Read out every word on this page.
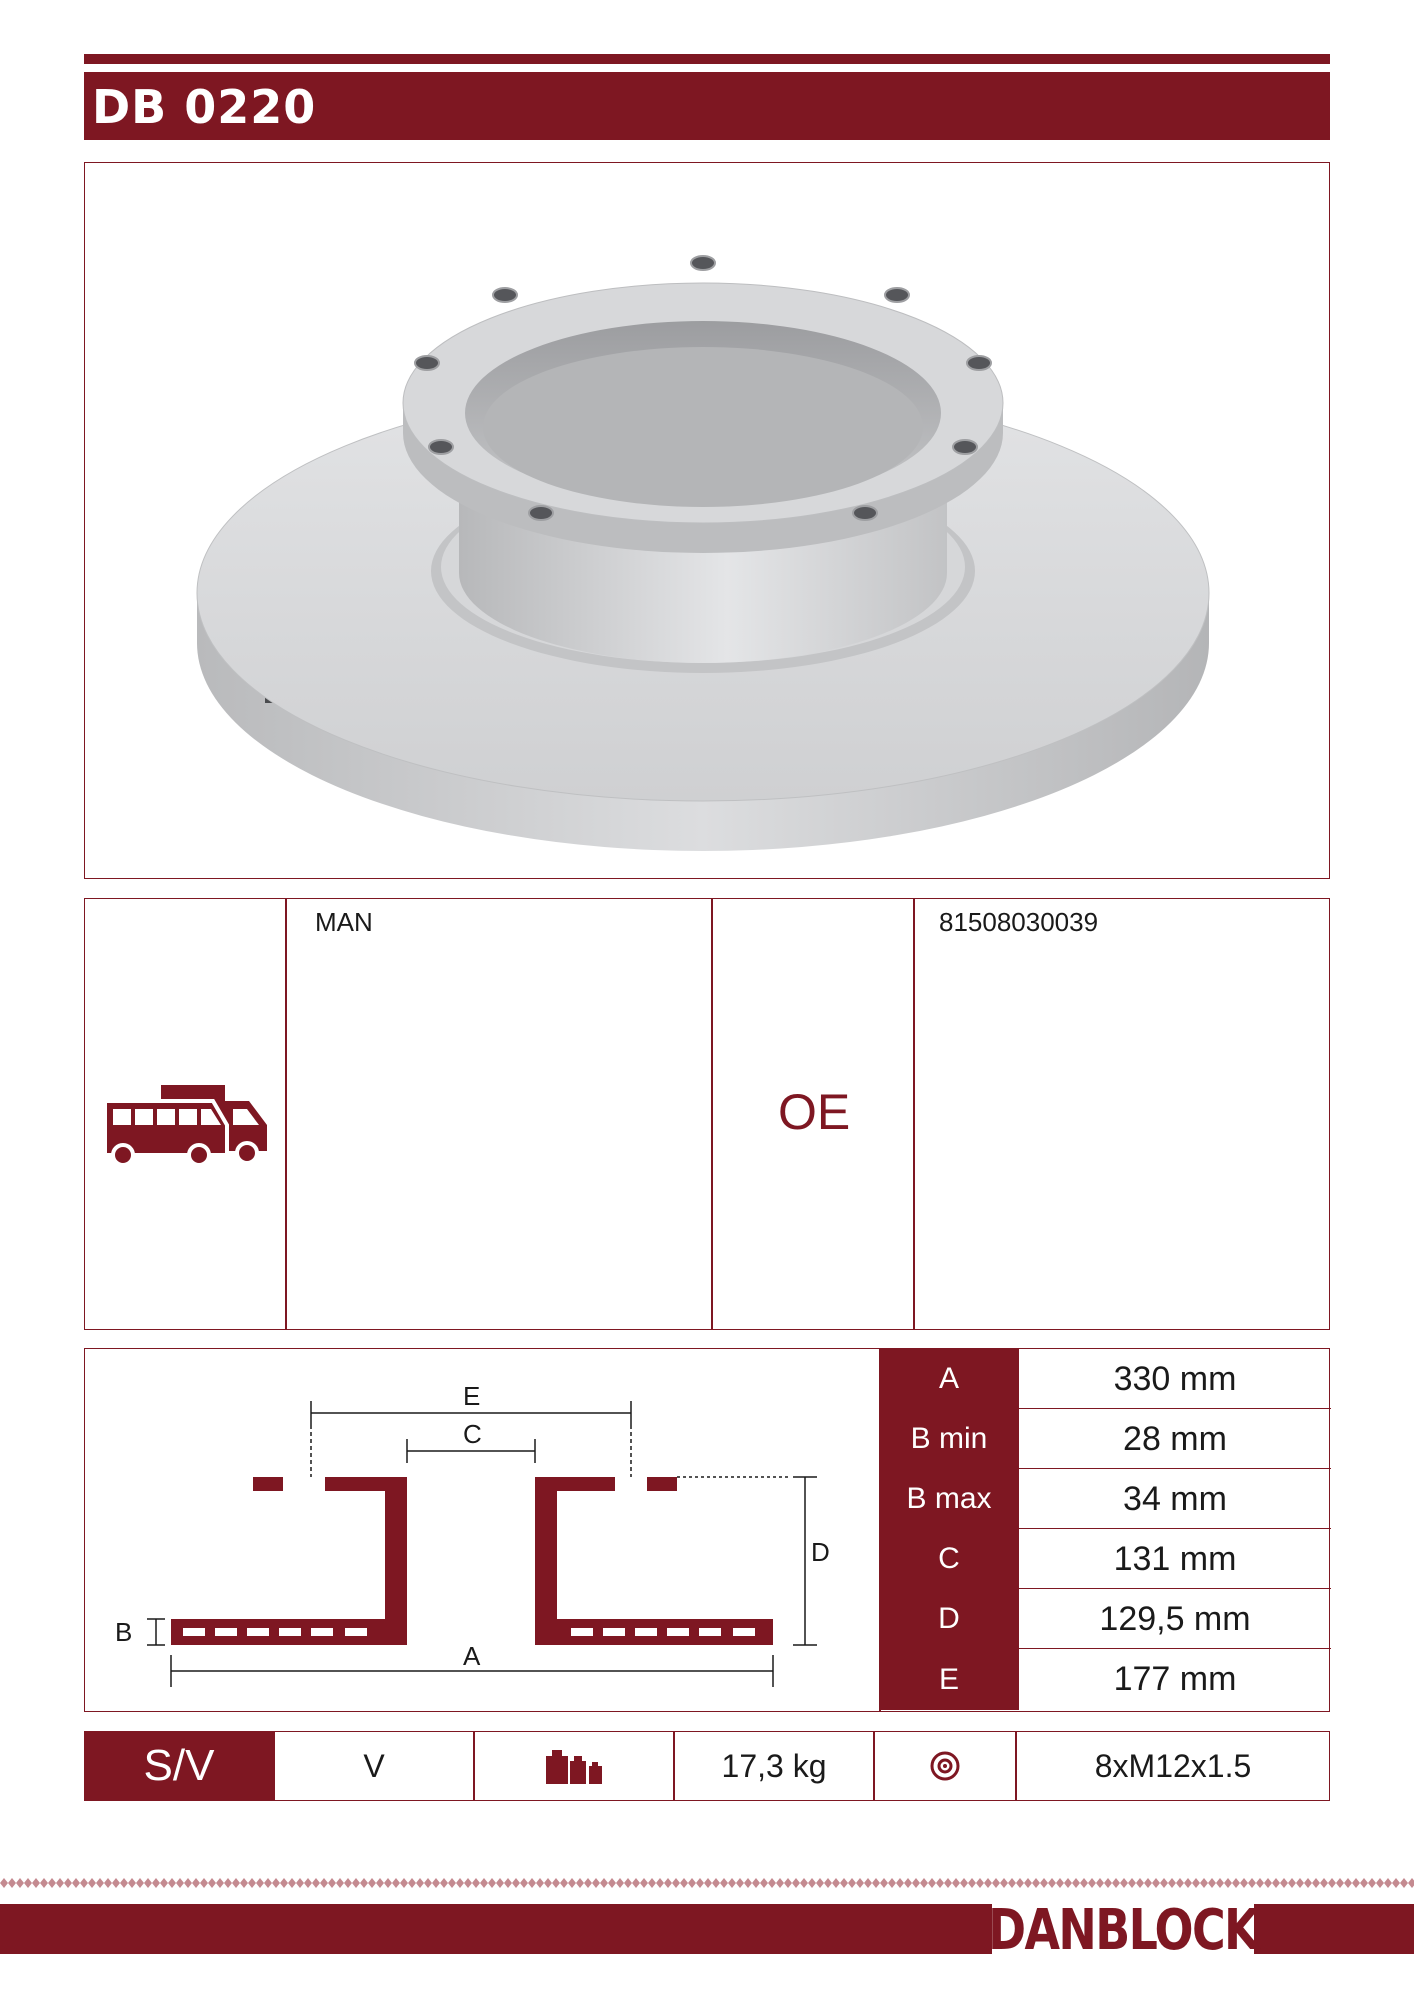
DB 0220
MAN
OE
81508030039
E
C
D
B
A
A	330 mm
B min	28 mm
B max	34 mm
C	131 mm
D	129,5 mm
E	177 mm
S/V	V	17,3 kg	8xM12x1.5
DANBLOCK
